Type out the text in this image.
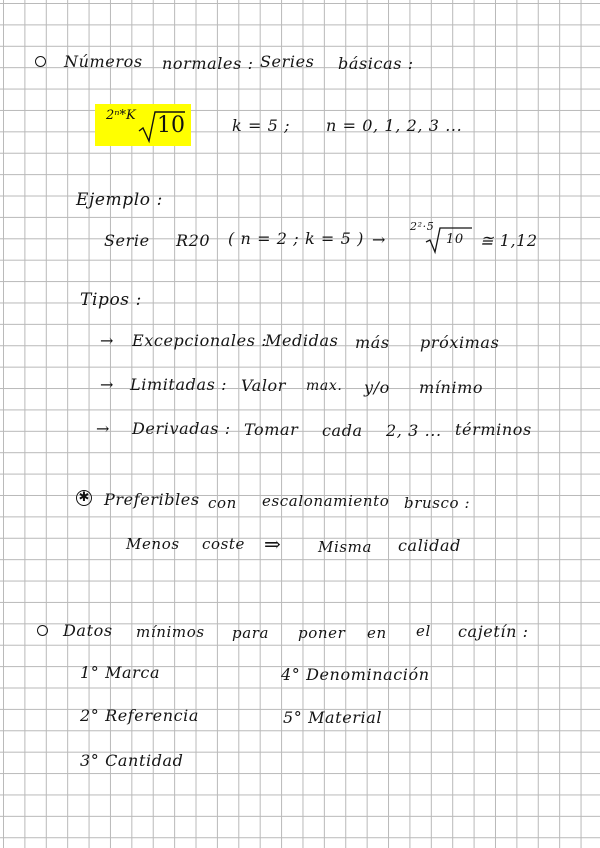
Números normales : Series básicas :
2ⁿ*K 10	k = 5 ; n = 0, 1, 2, 3 ...
Ejemplo :
Serie R20 ( n = 2 ; k = 5 ) →
2²·5
10 ≅ 1,12
Tipos :
→ Excepcionales :
Medidas más próximas
→ Limitadas : Valor max. y/o mínimo
→ Derivadas : Tomar cada 2, 3 ... términos
✱ Preferibles con escalonamiento brusco :
Menos coste ⇒ Misma calidad
Datos mínimos para poner en el cajetín :
1° Marca
2° Referencia
3° Cantidad
4° Denominación
5° Material
